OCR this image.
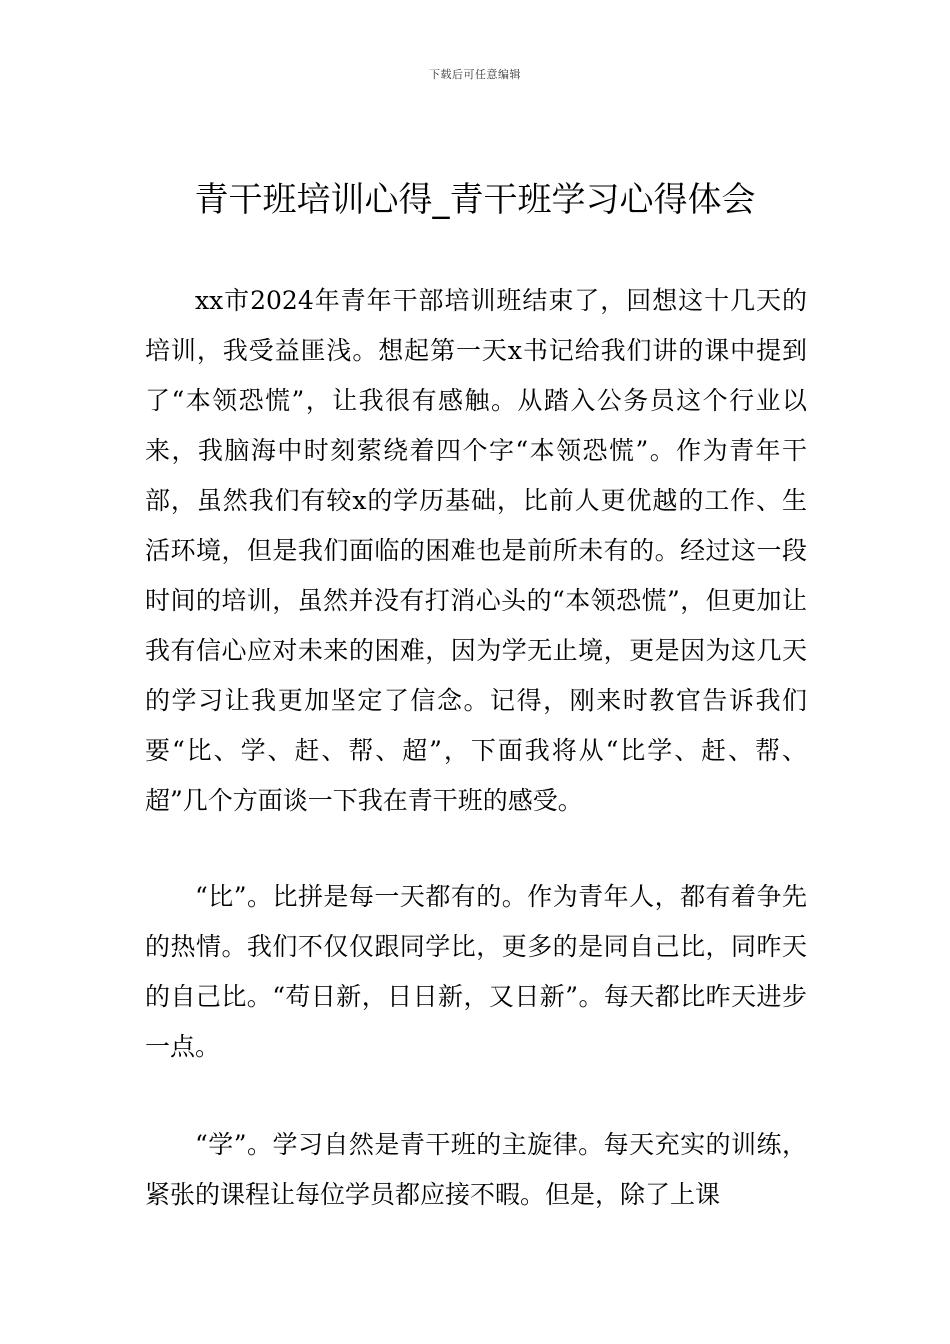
下载后可任意编辑
青干班培训心得_青干班学习心得体会

xx市2024年青年干部培训班结束了，回想这十几天的培训，我受益匪浅。想起第一天x书记给我们讲的课中提到了“本领恐慌”，让我很有感触。从踏入公务员这个行业以来，我脑海中时刻萦绕着四个字“本领恐慌”。作为青年干部，虽然我们有较x的学历基础，比前人更优越的工作、生活环境，但是我们面临的困难也是前所未有的。经过这一段时间的培训，虽然并没有打消心头的“本领恐慌”，但更加让我有信心应对未来的困难，因为学无止境，更是因为这几天的学习让我更加坚定了信念。记得，刚来时教官告诉我们要“比、学、赶、帮、超”，下面我将从“比学、赶、帮、超”几个方面谈一下我在青干班的感受。

“比”。比拼是每一天都有的。作为青年人，都有着争先的热情。我们不仅仅跟同学比，更多的是同自己比，同昨天的自己比。“苟日新，日日新，又日新”。每天都比昨天进步一点。

“学”。学习自然是青干班的主旋律。每天充实的训练，紧张的课程让每位学员都应接不暇。但是，除了上课
